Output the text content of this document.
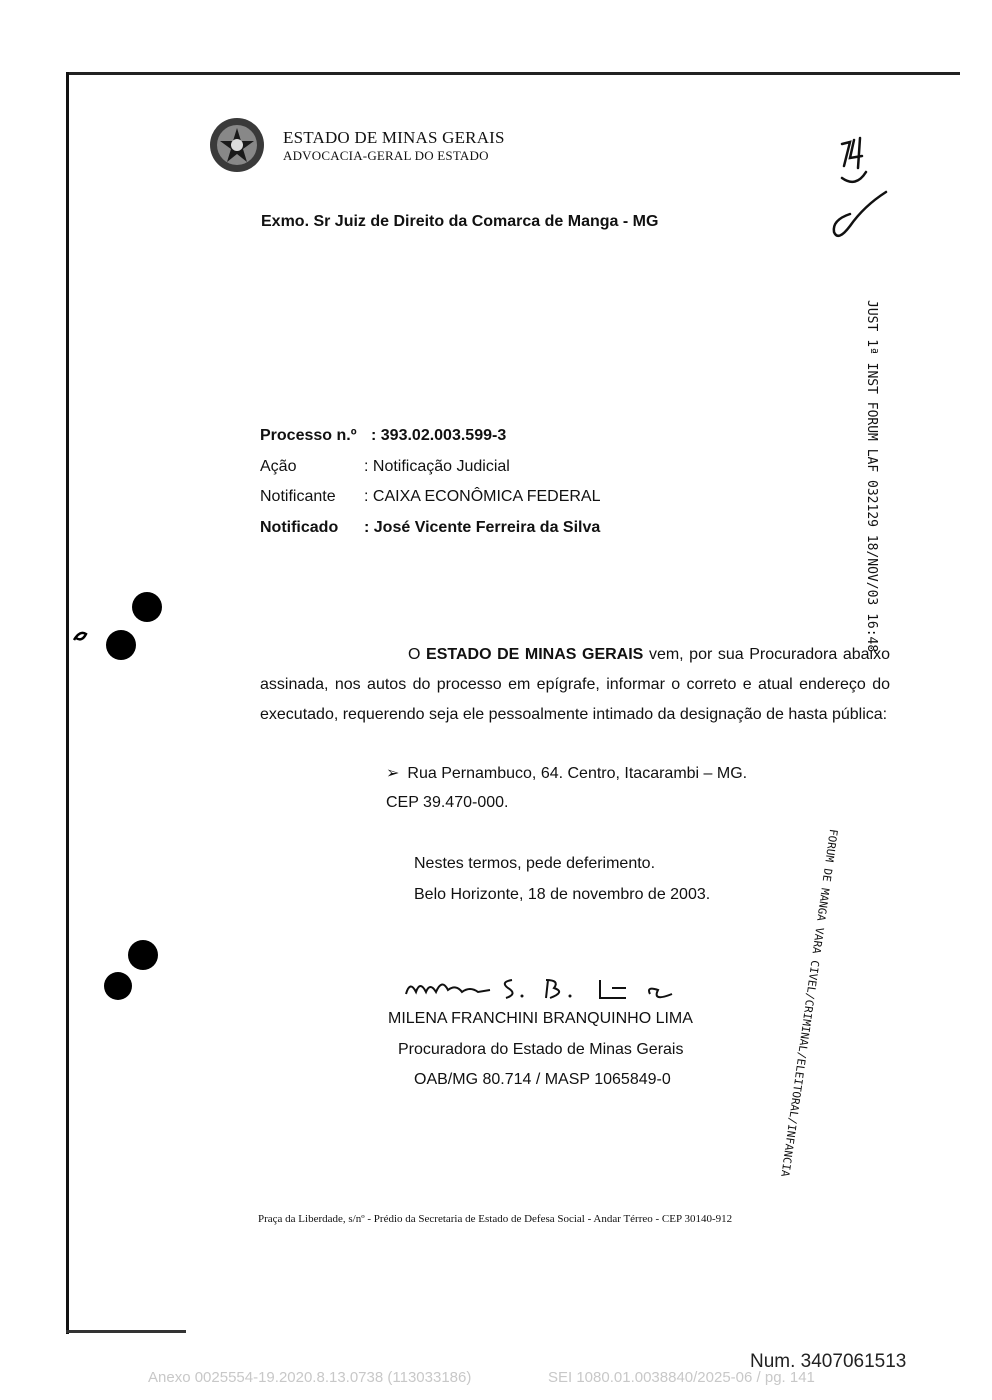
ESTADO DE MINAS GERAIS
ADVOCACIA-GERAL DO ESTADO
Exmo. Sr Juiz de Direito da Comarca de Manga - MG
JUST 1ª INST FORUM LAF 032129 18/NOV/03 16:48
Processo n.º : 393.02.003.599-3
Ação	: Notificação Judicial
Notificante : CAIXA ECONÔMICA FEDERAL
Notificado : José Vicente Ferreira da Silva
O ESTADO DE MINAS GERAIS vem, por sua Procuradora abaixo assinada, nos autos do processo em epígrafe, informar o correto e atual endereço do executado, requerendo seja ele pessoalmente intimado da designação de hasta pública:
➢ Rua Pernambuco, 64. Centro, Itacarambi – MG.
CEP 39.470-000.
Nestes termos, pede deferimento.
Belo Horizonte, 18 de novembro de 2003.	FORUM DE MANGA VARA CIVEL/CRIMINAL/ELEITORAL/INFANCIA
MILENA FRANCHINI BRANQUINHO LIMA
Procuradora do Estado de Minas Gerais
OAB/MG 80.714 / MASP 1065849-0
Praça da Liberdade, s/nº - Prédio da Secretaria de Estado de Defesa Social - Andar Térreo - CEP 30140-912
Num. 3407061513
Anexo 0025554-19.2020.8.13.0738 (113033186)	SEI 1080.01.0038840/2025-06 / pg. 141
